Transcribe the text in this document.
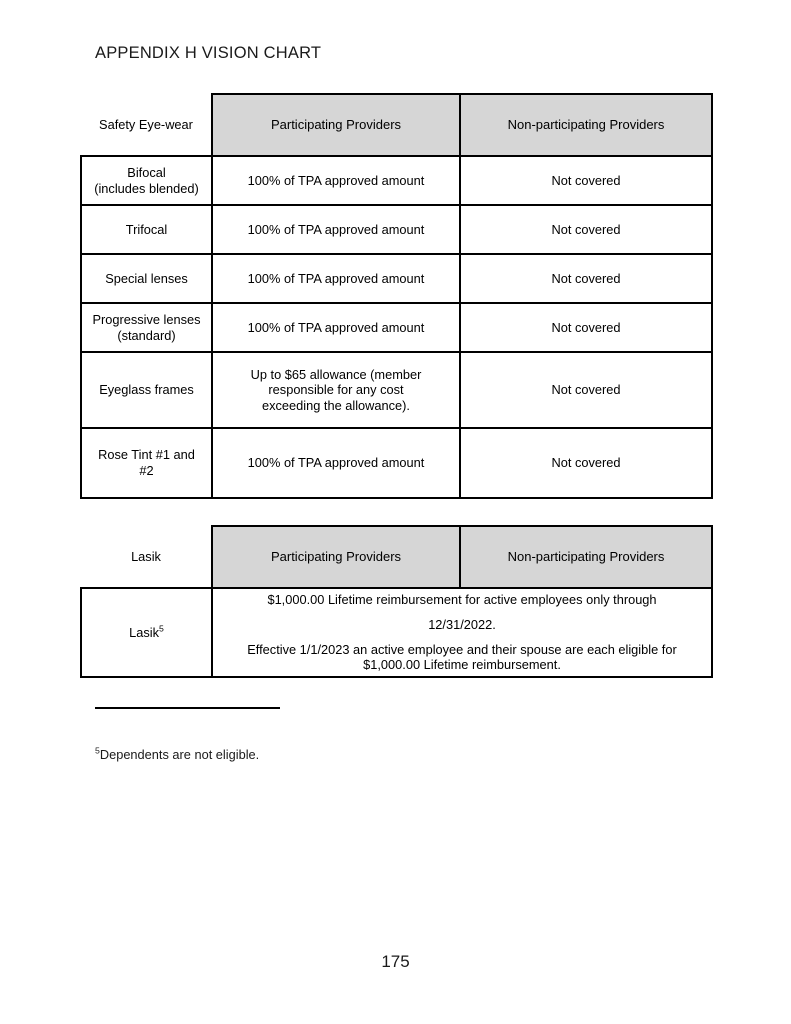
APPENDIX H VISION CHART
Safety Eye-wear	Participating Providers	Non-participating Providers
Bifocal
(includes blended)	100% of TPA approved amount	Not covered
Trifocal	100% of TPA approved amount	Not covered
Special lenses	100% of TPA approved amount	Not covered
Progressive lenses
(standard)	100% of TPA approved amount	Not covered
Eyeglass frames	Up to $65 allowance (member responsible for any cost exceeding the allowance).	Not covered
Rose Tint #1 and
#2	100% of TPA approved amount	Not covered
Lasik	Participating Providers	Non-participating Providers
Lasik$^5$	$1,000.00 Lifetime reimbursement for active employees only through

12/31/2022.

Effective 1/1/2023 an active employee and their spouse are each eligible for $1,000.00 Lifetime reimbursement.	

$^5$Dependents are not eligible.
175
